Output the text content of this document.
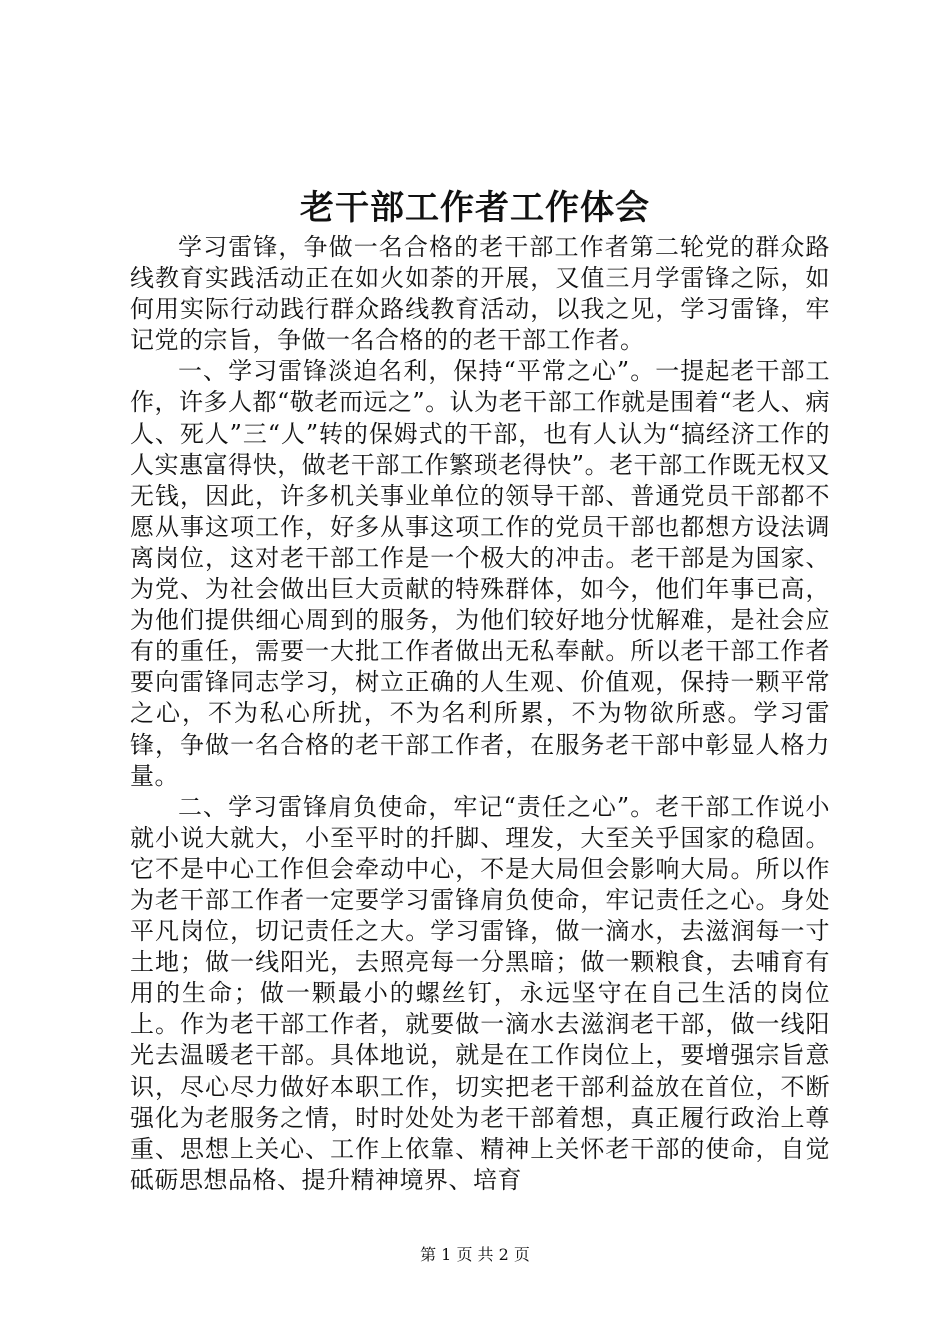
老干部工作者工作体会

学习雷锋，争做一名合格的老干部工作者第二轮党的群众路线教育实践活动正在如火如荼的开展，又值三月学雷锋之际，如何用实际行动践行群众路线教育活动，以我之见，学习雷锋，牢记党的宗旨，争做一名合格的的老干部工作者。

一、学习雷锋淡迫名利，保持“平常之心”。一提起老干部工作，许多人都“敬老而远之”。认为老干部工作就是围着“老人、病人、死人”三“人”转的保姆式的干部，也有人认为“搞经济工作的人实惠富得快，做老干部工作繁琐老得快”。老干部工作既无权又无钱，因此，许多机关事业单位的领导干部、普通党员干部都不愿从事这项工作，好多从事这项工作的党员干部也都想方设法调离岗位，这对老干部工作是一个极大的冲击。老干部是为国家、为党、为社会做出巨大贡献的特殊群体，如今，他们年事已高，为他们提供细心周到的服务，为他们较好地分忧解难，是社会应有的重任，需要一大批工作者做出无私奉献。所以老干部工作者要向雷锋同志学习，树立正确的人生观、价值观，保持一颗平常之心，不为私心所扰，不为名利所累，不为物欲所惑。学习雷锋，争做一名合格的老干部工作者，在服务老干部中彰显人格力量。

二、学习雷锋肩负使命，牢记“责任之心”。老干部工作说小就小说大就大，小至平时的扦脚、理发，大至关乎国家的稳固。它不是中心工作但会牵动中心，不是大局但会影响大局。所以作为老干部工作者一定要学习雷锋肩负使命，牢记责任之心。身处平凡岗位，切记责任之大。学习雷锋，做一滴水，去滋润每一寸土地；做一线阳光，去照亮每一分黑暗；做一颗粮食，去哺育有用的生命；做一颗最小的螺丝钉，永远坚守在自己生活的岗位上。作为老干部工作者，就要做一滴水去滋润老干部，做一线阳光去温暖老干部。具体地说，就是在工作岗位上，要增强宗旨意识，尽心尽力做好本职工作，切实把老干部利益放在首位，不断强化为老服务之情，时时处处为老干部着想，真正履行政治上尊重、思想上关心、工作上依靠、精神上关怀老干部的使命，自觉砥砺思想品格、提升精神境界、培育

第 1 页 共 2 页
